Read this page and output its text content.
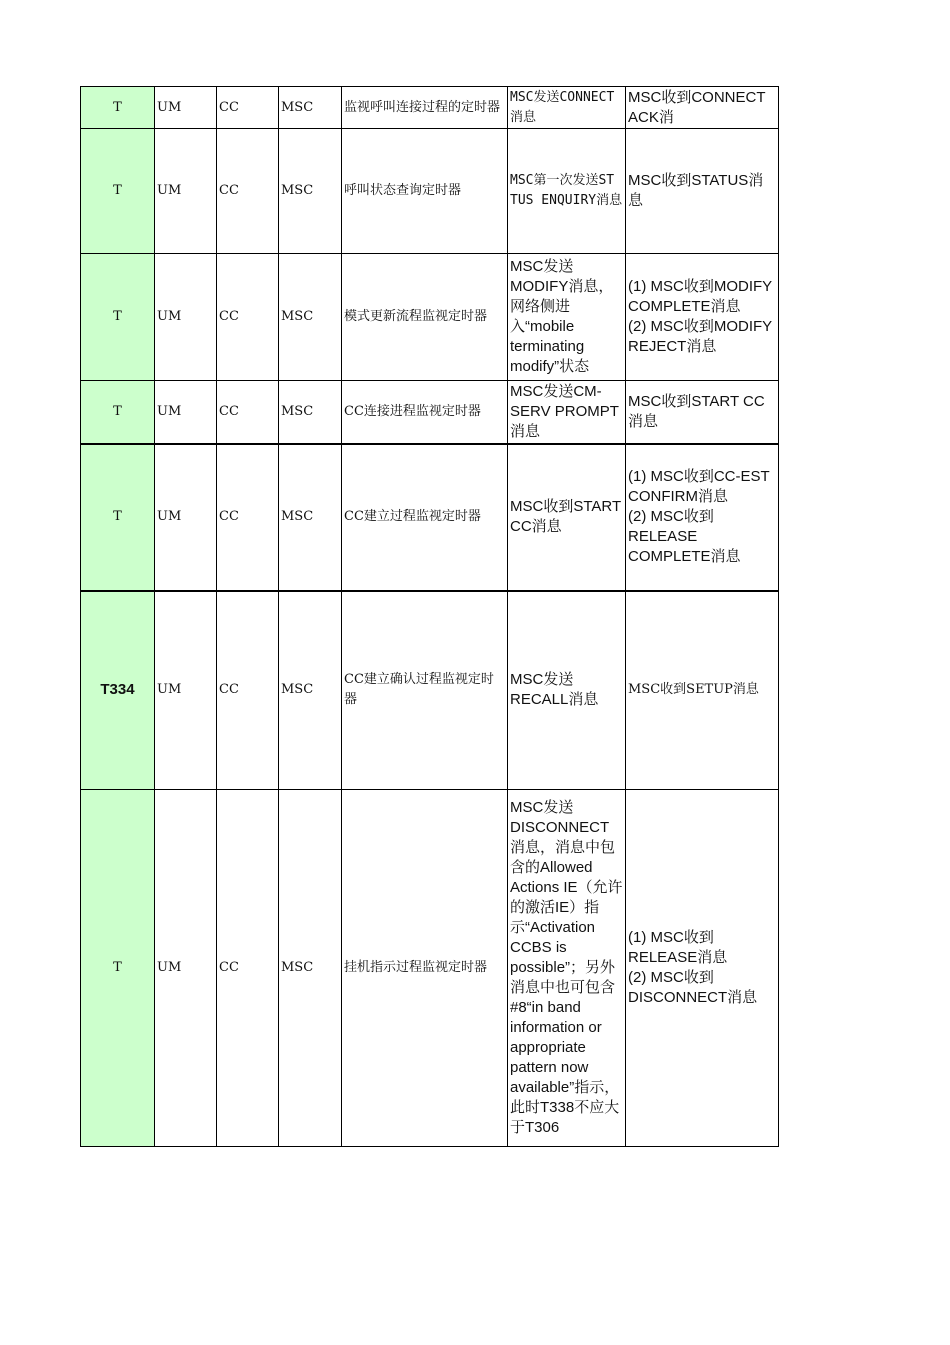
T	UM	CC	MSC	监视呼叫连接过程的定时器	MSC发送CONNECT消息	MSC收到CONNECT ACK消

T	UM	CC	MSC	呼叫状态查询定时器	MSC第一次发送ST TUS ENQUIRY消息	MSC收到STATUS消息

T	UM	CC	MSC	模式更新流程监视定时器	MSC发送MODIFY消息，网络侧进入“mobile terminating modify”状态	(1) MSC收到MODIFY COMPLETE消息
(2) MSC收到MODIFY REJECT消息

T	UM	CC	MSC	CC连接进程监视定时器	MSC发送CM-SERV PROMPT消息	MSC收到START CC消息

T	UM	CC	MSC	CC建立过程监视定时器	MSC收到START CC消息	(1) MSC收到CC-EST CONFIRM消息
(2) MSC收到RELEASE COMPLETE消息

T334	UM	CC	MSC	CC建立确认过程监视定时器	MSC发送RECALL消息	MSC收到SETUP消息

T	UM	CC	MSC	挂机指示过程监视定时器	MSC发送DISCONNECT消息，消息中包含的Allowed Actions IE（允许的激活IE）指示“Activation CCBS is possible”；另外消息中也可包含#8“in band information or appropriate pattern now available”指示，此时T338不应大于T306	(1) MSC收到RELEASE消息
(2) MSC收到DISCONNECT消息
